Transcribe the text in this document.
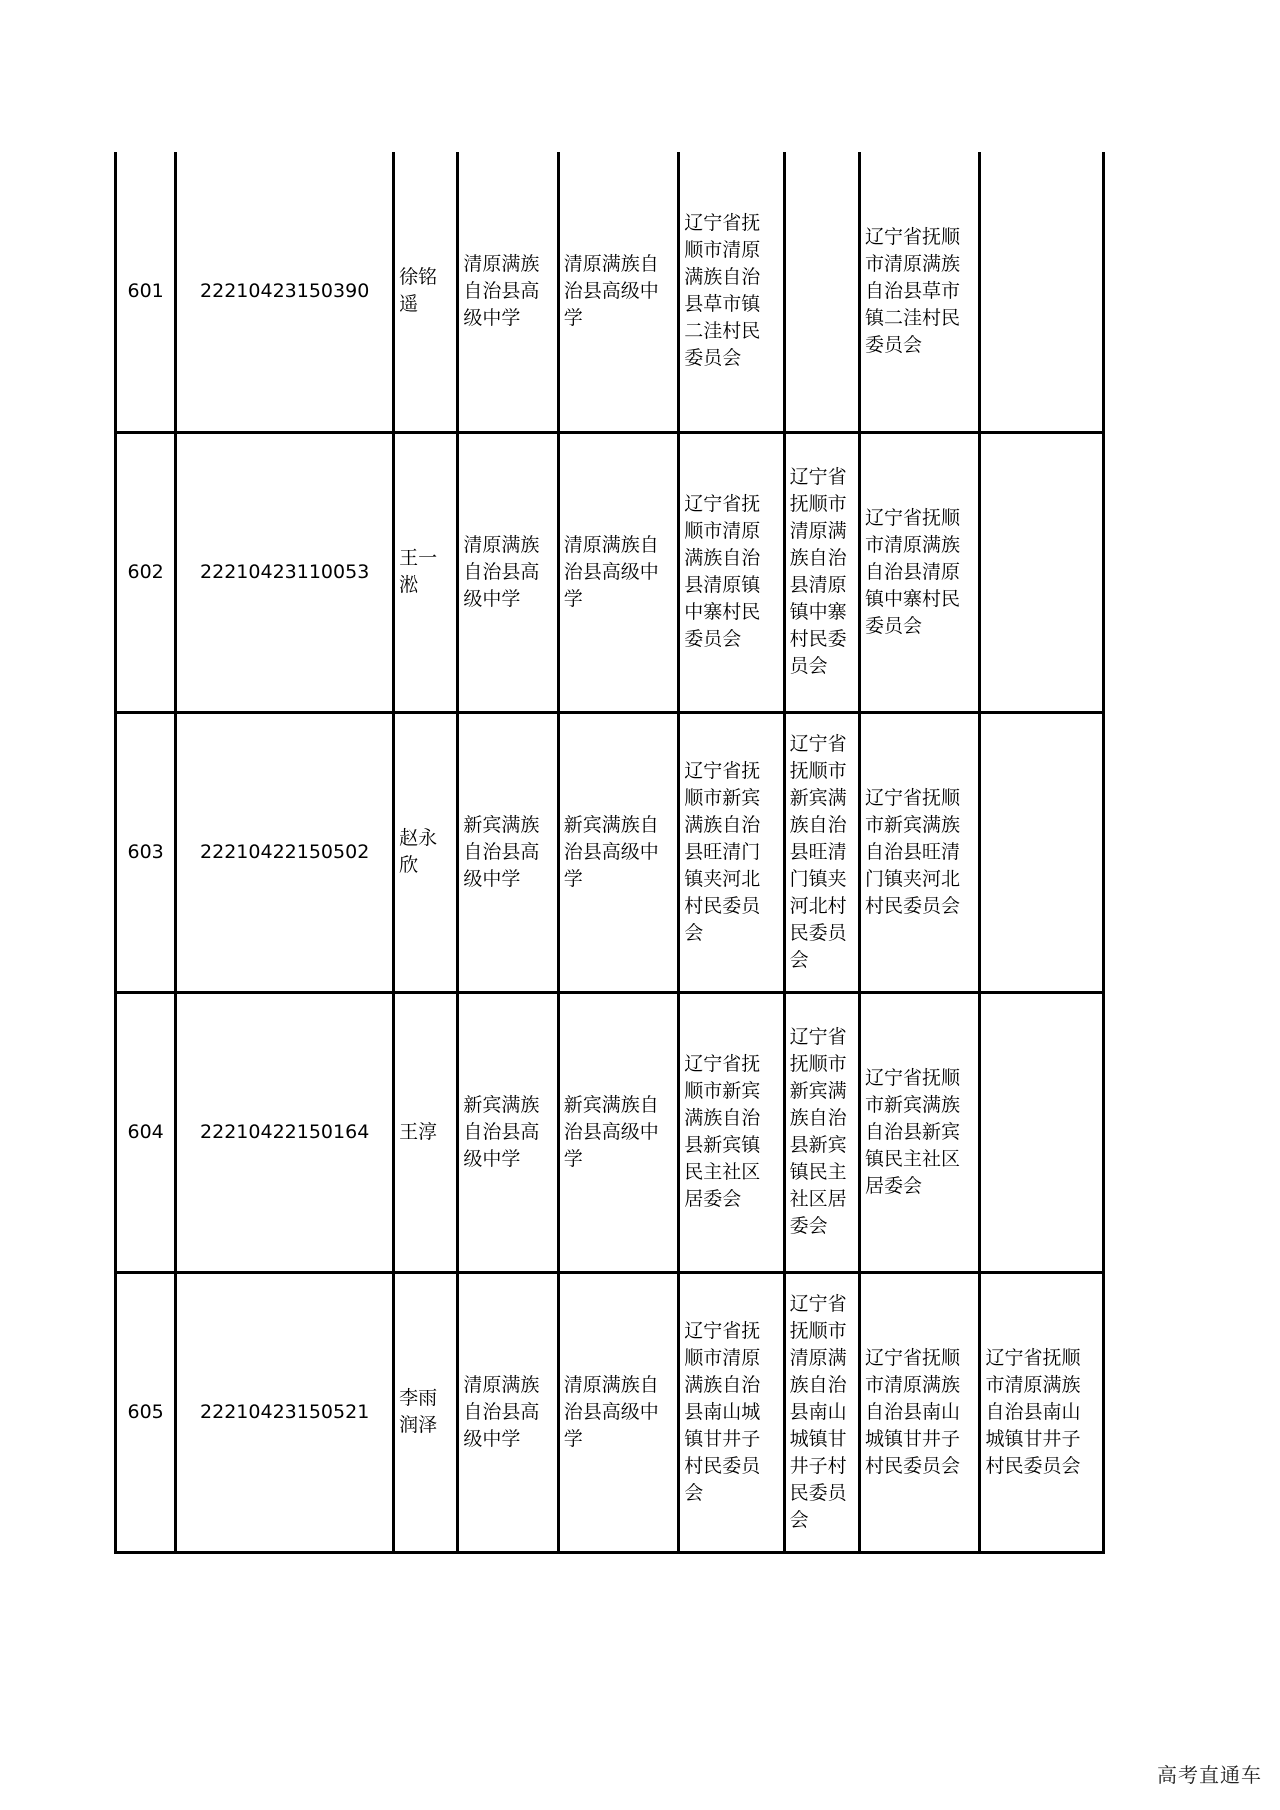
601	22210423150390	徐铭遥	清原满族自治县高级中学	清原满族自治县高级中学	辽宁省抚顺市清原满族自治县草市镇二洼村民委员会		辽宁省抚顺市清原满族自治县草市镇二洼村民委员会	
602	22210423110053	王一淞	清原满族自治县高级中学	清原满族自治县高级中学	辽宁省抚顺市清原满族自治县清原镇中寨村民委员会	辽宁省抚顺市清原满族自治县清原镇中寨村民委员会	辽宁省抚顺市清原满族自治县清原镇中寨村民委员会	
603	22210422150502	赵永欣	新宾满族自治县高级中学	新宾满族自治县高级中学	辽宁省抚顺市新宾满族自治县旺清门镇夹河北村民委员会	辽宁省抚顺市新宾满族自治县旺清门镇夹河北村民委员会	辽宁省抚顺市新宾满族自治县旺清门镇夹河北村民委员会	
604	22210422150164	王淳	新宾满族自治县高级中学	新宾满族自治县高级中学	辽宁省抚顺市新宾满族自治县新宾镇民主社区居委会	辽宁省抚顺市新宾满族自治县新宾镇民主社区居委会	辽宁省抚顺市新宾满族自治县新宾镇民主社区居委会	
605	22210423150521	李雨润泽	清原满族自治县高级中学	清原满族自治县高级中学	辽宁省抚顺市清原满族自治县南山城镇甘井子村民委员会	辽宁省抚顺市清原满族自治县南山城镇甘井子村民委员会	辽宁省抚顺市清原满族自治县南山城镇甘井子村民委员会	辽宁省抚顺市清原满族自治县南山城镇甘井子村民委员会
高考直通车
